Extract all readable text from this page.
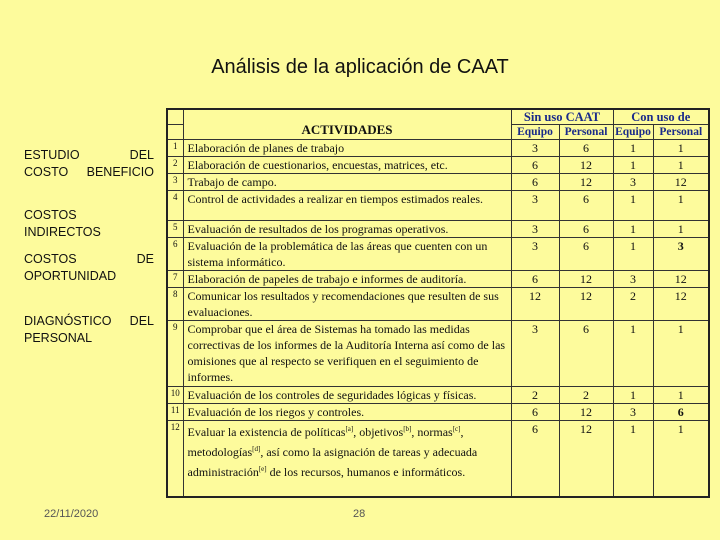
Análisis de la aplicación de CAAT
ESTUDIO DEL COSTO BENEFICIO
COSTOS INDIRECTOS
COSTOS DE OPORTUNIDAD
DIAGNÓSTICO DEL PERSONAL
	ACTIVIDADES	Sin uso CAAT		Con uso de	
		Equipo	Personal	Equipo	Personal
1	Elaboración de planes de trabajo	3	6	1	1
2	Elaboración de cuestionarios, encuestas, matrices, etc.	6	12	1	1
3	Trabajo de campo.	6	12	3	12
4	Control de actividades a realizar en tiempos estimados reales.	3	6	1	1
5	Evaluación de resultados de los programas operativos.	3	6	1	1
6	Evaluación de la problemática de las áreas que cuenten con un sistema informático.	3	6	1	3
7	Elaboración de papeles de trabajo e informes de auditoría.	6	12	3	12
8	Comunicar los resultados y recomendaciones que resulten de sus evaluaciones.	12	12	2	12
9	Comprobar que el área de Sistemas ha tomado las medidas correctivas de los informes de la Auditoría Interna así como de las omisiones que al respecto se verifiquen en el seguimiento de informes.	3	6	1	1
10	Evaluación de los controles de seguridades lógicas y físicas.	2	2	1	1
11	Evaluación de los riegos y controles.	6	12	3	6
12	Evaluar la existencia de políticas[a], objetivos[b], normas[c], metodologías[d], así como la asignación de tareas y adecuada administración[e] de los recursos, humanos e informáticos.	6	12	1	1
22/11/2020	28
